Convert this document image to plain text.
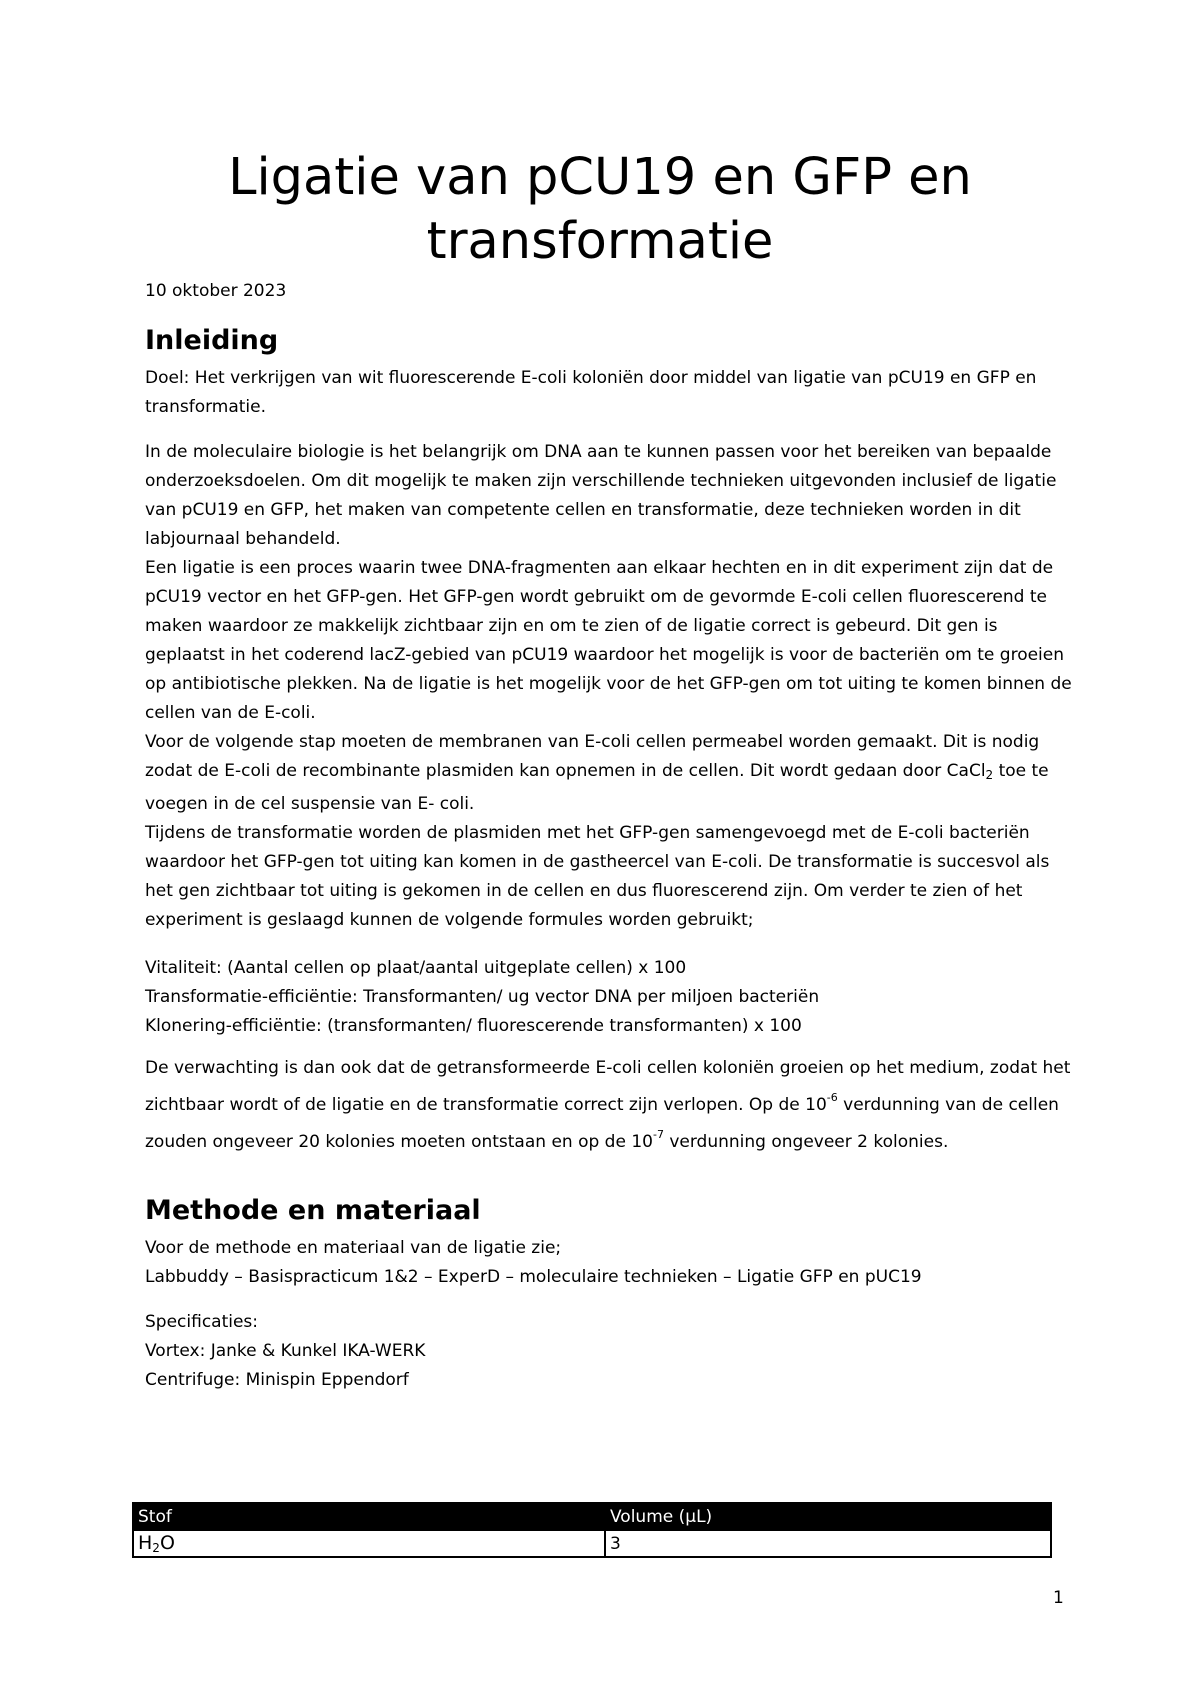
Ligatie van pCU19 en GFP en transformatie
10 oktober 2023
Inleiding

Doel: Het verkrijgen van wit fluorescerende E-coli koloniën door middel van ligatie van pCU19 en GFP en transformatie.

In de moleculaire biologie is het belangrijk om DNA aan te kunnen passen voor het bereiken van bepaalde onderzoeksdoelen. Om dit mogelijk te maken zijn verschillende technieken uitgevonden inclusief de ligatie van pCU19 en GFP, het maken van competente cellen en transformatie, deze technieken worden in dit labjournaal behandeld.

Een ligatie is een proces waarin twee DNA-fragmenten aan elkaar hechten en in dit experiment zijn dat de pCU19 vector en het GFP-gen. Het GFP-gen wordt gebruikt om de gevormde E-coli cellen fluorescerend te maken waardoor ze makkelijk zichtbaar zijn en om te zien of de ligatie correct is gebeurd. Dit gen is geplaatst in het coderend lacZ-gebied van pCU19 waardoor het mogelijk is voor de bacteriën om te groeien op antibiotische plekken. Na de ligatie is het mogelijk voor de het GFP-gen om tot uiting te komen binnen de cellen van de E-coli.

Voor de volgende stap moeten de membranen van E-coli cellen permeabel worden gemaakt. Dit is nodig zodat de E-coli de recombinante plasmiden kan opnemen in de cellen. Dit wordt gedaan door CaCl$_2$ toe te voegen in de cel suspensie van E- coli.

Tijdens de transformatie worden de plasmiden met het GFP-gen samengevoegd met de E-coli bacteriën waardoor het GFP-gen tot uiting kan komen in de gastheercel van E-coli. De transformatie is succesvol als het gen zichtbaar tot uiting is gekomen in de cellen en dus fluorescerend zijn. Om verder te zien of het experiment is geslaagd kunnen de volgende formules worden gebruikt;

Vitaliteit: (Aantal cellen op plaat/aantal uitgeplate cellen) x 100

Transformatie-efficiëntie: Transformanten/ ug vector DNA per miljoen bacteriën

Klonering-efficiëntie: (transformanten/ fluorescerende transformanten) x 100

De verwachting is dan ook dat de getransformeerde E-coli cellen koloniën groeien op het medium, zodat het zichtbaar wordt of de ligatie en de transformatie correct zijn verlopen. Op de $10^{-6}$ verdunning van de cellen zouden ongeveer 20 kolonies moeten ontstaan en op de $10^{-7}$ verdunning ongeveer 2 kolonies.

Methode en materiaal

Voor de methode en materiaal van de ligatie zie;

Labbuddy – Basispracticum 1&2 – ExperD – moleculaire technieken – Ligatie GFP en pUC19

Specificaties:

Vortex: Janke & Kunkel IKA-WERK

Centrifuge: Minispin Eppendorf

Stof	Volume (µL)
$H_2O$	3
1
